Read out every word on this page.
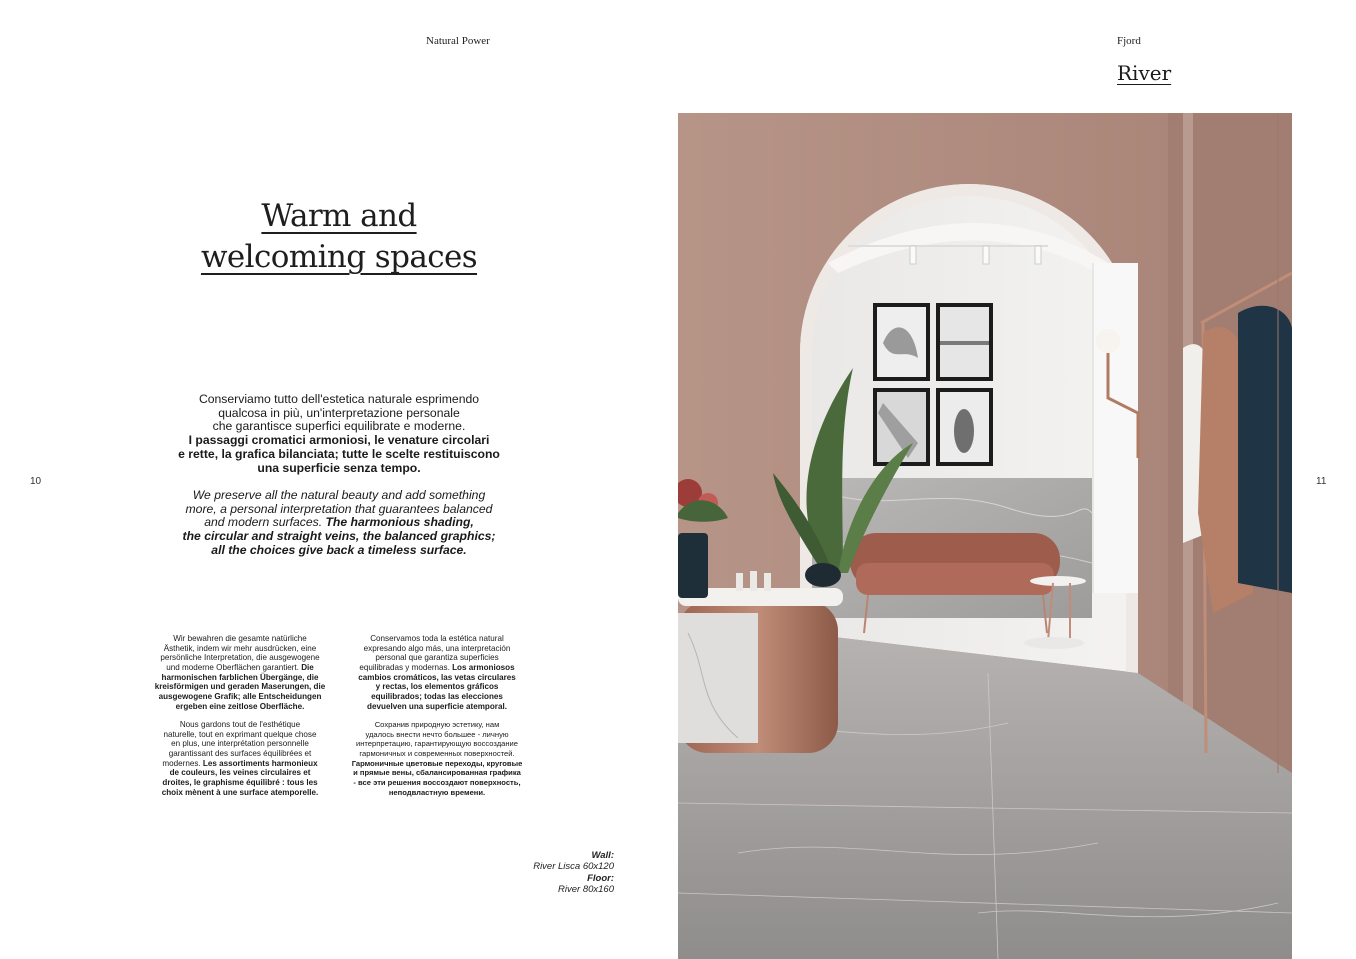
Natural Power	Fjord
River
10	11
Warm and
welcoming spaces
Conserviamo tutto dell'estetica naturale esprimendo
qualcosa in più, un'interpretazione personale
che garantisce superfici equilibrate e moderne.
I passaggi cromatici armoniosi, le venature circolari
e rette, la grafica bilanciata; tutte le scelte restituiscono
una superficie senza tempo.
We preserve all the natural beauty and add something
more, a personal interpretation that guarantees balanced
and modern surfaces. The harmonious shading,
the circular and straight veins, the balanced graphics;
all the choices give back a timeless surface.
Wir bewahren die gesamte natürliche
Ästhetik, indem wir mehr ausdrücken, eine
persönliche Interpretation, die ausgewogene
und moderne Oberflächen garantiert. Die
harmonischen farblichen Übergänge, die
kreisförmigen und geraden Maserungen, die
ausgewogene Grafik; alle Entscheidungen
ergeben eine zeitlose Oberfläche.
Nous gardons tout de l'esthétique
naturelle, tout en exprimant quelque chose
en plus, une interprétation personnelle
garantissant des surfaces équilibrées et
modernes. Les assortiments harmonieux
de couleurs, les veines circulaires et
droites, le graphisme équilibré : tous les
choix mènent à une surface atemporelle.
Conservamos toda la estética natural
expresando algo más, una interpretación
personal que garantiza superficies
equilibradas y modernas. Los armoniosos
cambios cromáticos, las vetas circulares
y rectas, los elementos gráficos
equilibrados; todas las elecciones
devuelven una superficie atemporal.
Сохранив природную эстетику, нам
удалось внести нечто большее - личную
интерпретацию, гарантирующую воссоздание
гармоничных и современных поверхностей.
Гармоничные цветовые переходы, круговые
и прямые вены, сбалансированная графика
- все эти решения воссоздают поверхность,
неподвластную времени.
Wall:
River Lisca 60x120
Floor:
River 80x160
